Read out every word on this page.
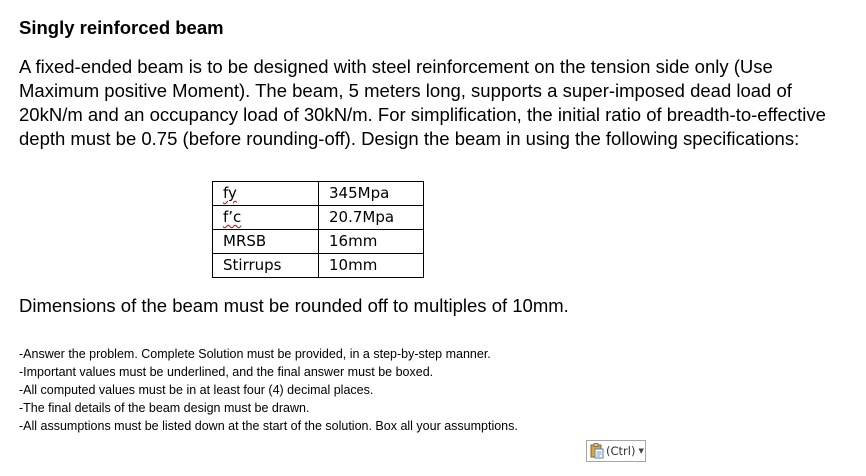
Singly reinforced beam

A fixed-ended beam is to be designed with steel reinforcement on the tension side only (Use Maximum positive Moment). The beam, 5 meters long, supports a super-imposed dead load of 20kN/m and an occupancy load of 30kN/m. For simplification, the initial ratio of breadth-to-effective depth must be 0.75 (before rounding-off). Design the beam in using the following specifications:

fy	345Mpa
f’c	20.7Mpa
MRSB	16mm
Stirrups	10mm

Dimensions of the beam must be rounded off to multiples of 10mm.

-Answer the problem. Complete Solution must be provided, in a step-by-step manner.
-Important values must be underlined, and the final answer must be boxed.
-All computed values must be in at least four (4) decimal places.
-The final details of the beam design must be drawn.
-All assumptions must be listed down at the start of the solution. Box all your assumptions.
(Ctrl) ▼
